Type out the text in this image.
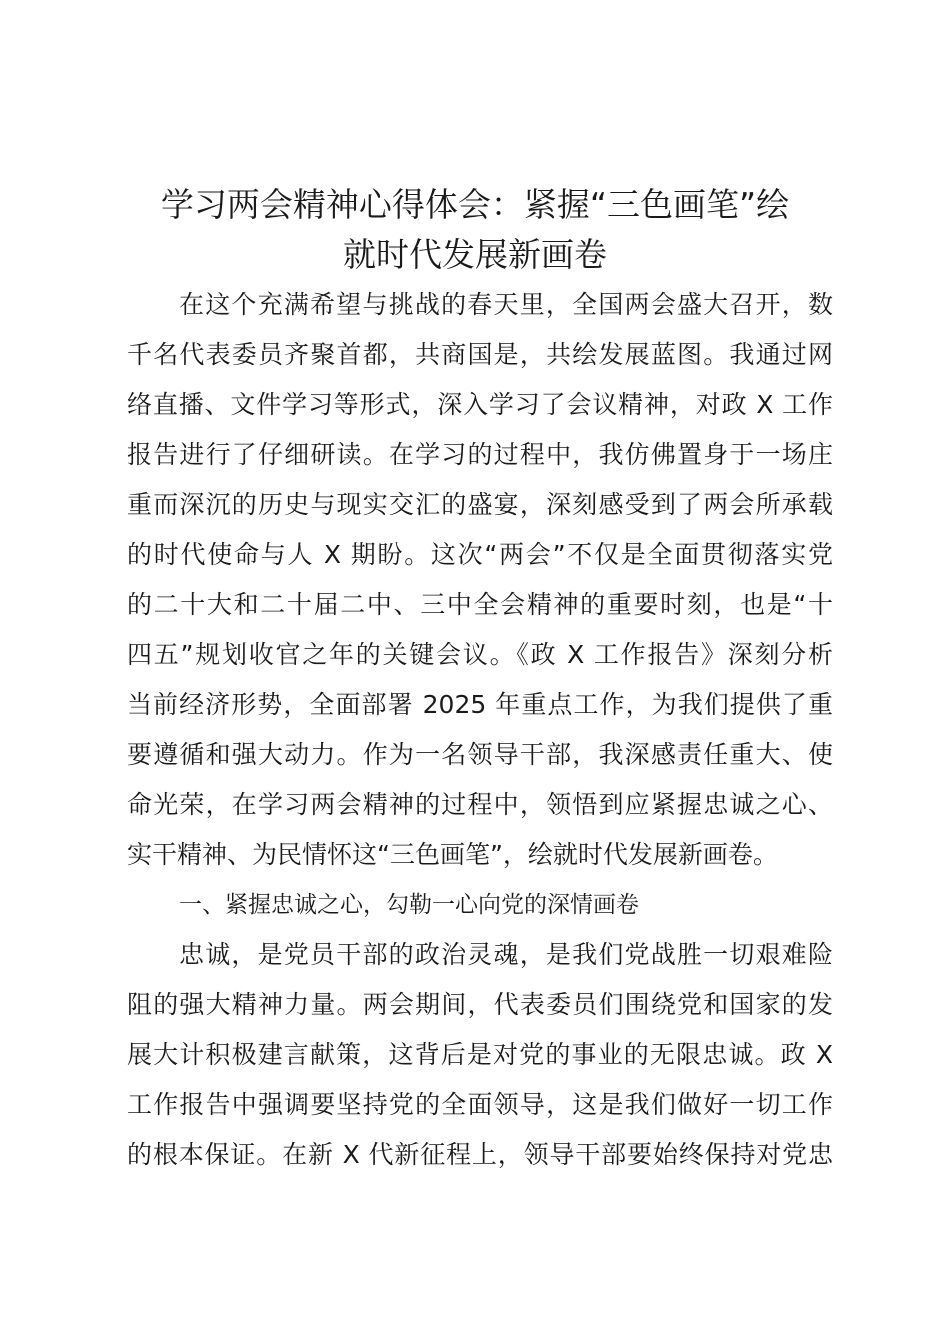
学习两会精神心得体会：紧握“三色画笔”绘
就时代发展新画卷
在这个充满希望与挑战的春天里，全国两会盛大召开，数
千名代表委员齐聚首都，共商国是，共绘发展蓝图。我通过网
络直播、文件学习等形式，深入学习了会议精神，对政 X 工作
报告进行了仔细研读。在学习的过程中，我仿佛置身于一场庄
重而深沉的历史与现实交汇的盛宴，深刻感受到了两会所承载
的时代使命与人 X 期盼。这次“两会”不仅是全面贯彻落实党
的二十大和二十届二中、三中全会精神的重要时刻，也是“十
四五”规划收官之年的关键会议。《政 X 工作报告》深刻分析
当前经济形势，全面部署 2025 年重点工作，为我们提供了重
要遵循和强大动力。作为一名领导干部，我深感责任重大、使
命光荣，在学习两会精神的过程中，领悟到应紧握忠诚之心、
实干精神、为民情怀这“三色画笔”，绘就时代发展新画卷。
一、紧握忠诚之心，勾勒一心向党的深情画卷
忠诚，是党员干部的政治灵魂，是我们党战胜一切艰难险
阻的强大精神力量。两会期间，代表委员们围绕党和国家的发
展大计积极建言献策，这背后是对党的事业的无限忠诚。政 X
工作报告中强调要坚持党的全面领导，这是我们做好一切工作
的根本保证。在新 X 代新征程上，领导干部要始终保持对党忠
